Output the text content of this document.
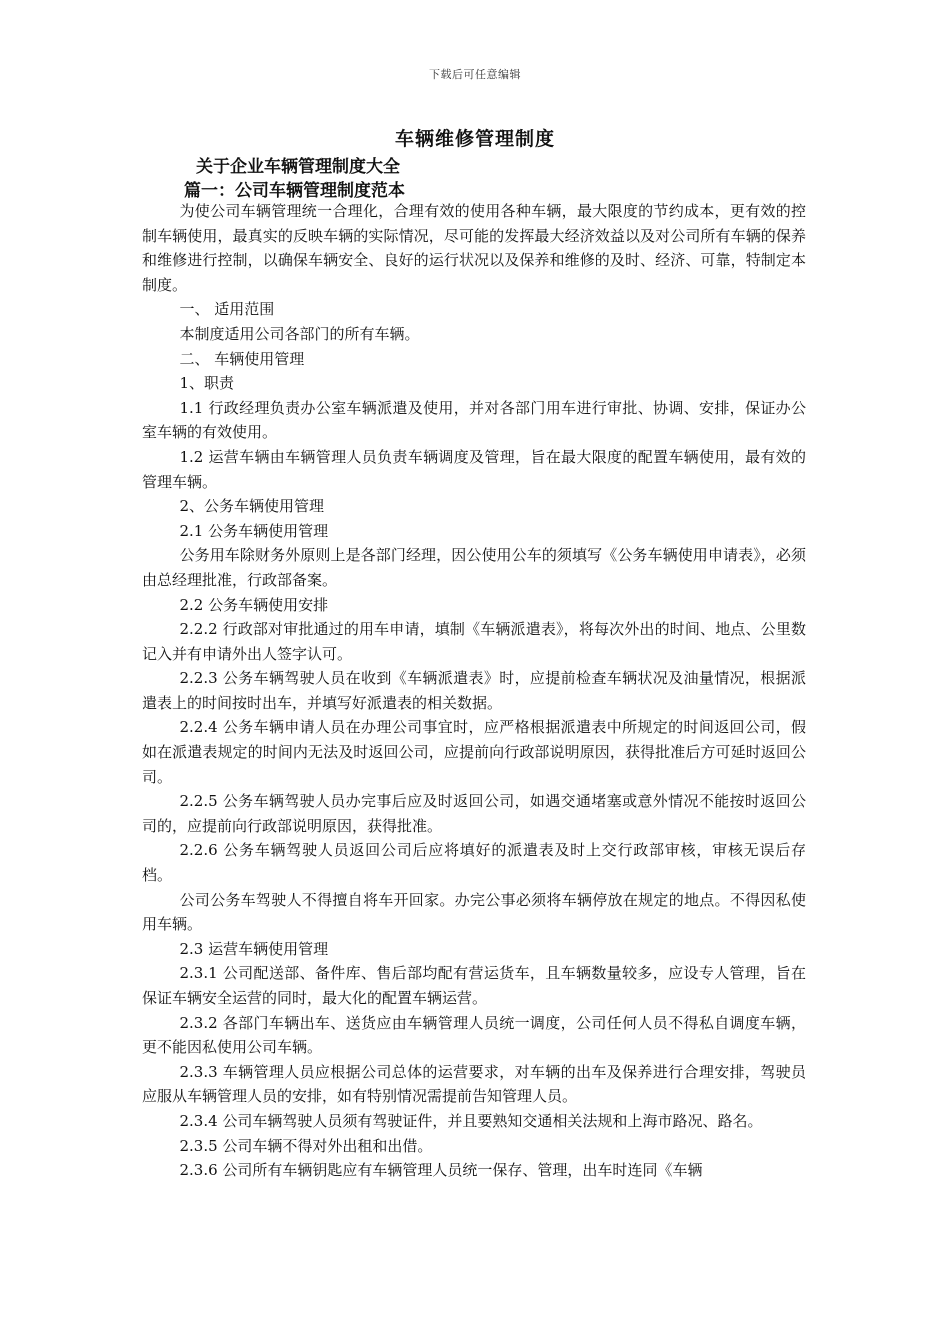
下载后可任意编辑
车辆维修管理制度
关于企业车辆管理制度大全
篇一：公司车辆管理制度范本

为使公司车辆管理统一合理化，合理有效的使用各种车辆，最大限度的节约成本，更有效的控制车辆使用，最真实的反映车辆的实际情况，尽可能的发挥最大经济效益以及对公司所有车辆的保养和维修进行控制，以确保车辆安全、良好的运行状况以及保养和维修的及时、经济、可靠，特制定本制度。

一、 适用范围

本制度适用公司各部门的所有车辆。

二、 车辆使用管理

1、职责

1.1 行政经理负责办公室车辆派遣及使用，并对各部门用车进行审批、协调、安排，保证办公室车辆的有效使用。

1.2 运营车辆由车辆管理人员负责车辆调度及管理，旨在最大限度的配置车辆使用，最有效的管理车辆。

2、公务车辆使用管理

2.1 公务车辆使用管理

公务用车除财务外原则上是各部门经理，因公使用公车的须填写《公务车辆使用申请表》，必须由总经理批准，行政部备案。

2.2 公务车辆使用安排

2.2.2 行政部对审批通过的用车申请，填制《车辆派遣表》，将每次外出的时间、地点、公里数记入并有申请外出人签字认可。

2.2.3 公务车辆驾驶人员在收到《车辆派遣表》时，应提前检查车辆状况及油量情况，根据派遣表上的时间按时出车，并填写好派遣表的相关数据。

2.2.4 公务车辆申请人员在办理公司事宜时，应严格根据派遣表中所规定的时间返回公司，假如在派遣表规定的时间内无法及时返回公司，应提前向行政部说明原因，获得批准后方可延时返回公司。

2.2.5 公务车辆驾驶人员办完事后应及时返回公司，如遇交通堵塞或意外情况不能按时返回公司的，应提前向行政部说明原因，获得批准。

2.2.6 公务车辆驾驶人员返回公司后应将填好的派遣表及时上交行政部审核，审核无误后存档。

公司公务车驾驶人不得擅自将车开回家。办完公事必须将车辆停放在规定的地点。不得因私使用车辆。

2.3 运营车辆使用管理

2.3.1 公司配送部、备件库、售后部均配有营运货车，且车辆数量较多，应设专人管理，旨在保证车辆安全运营的同时，最大化的配置车辆运营。

2.3.2 各部门车辆出车、送货应由车辆管理人员统一调度，公司任何人员不得私自调度车辆，更不能因私使用公司车辆。

2.3.3 车辆管理人员应根据公司总体的运营要求，对车辆的出车及保养进行合理安排，驾驶员应服从车辆管理人员的安排，如有特别情况需提前告知管理人员。

2.3.4 公司车辆驾驶人员须有驾驶证件，并且要熟知交通相关法规和上海市路况、路名。

2.3.5 公司车辆不得对外出租和出借。

2.3.6 公司所有车辆钥匙应有车辆管理人员统一保存、管理，出车时连同《车辆
